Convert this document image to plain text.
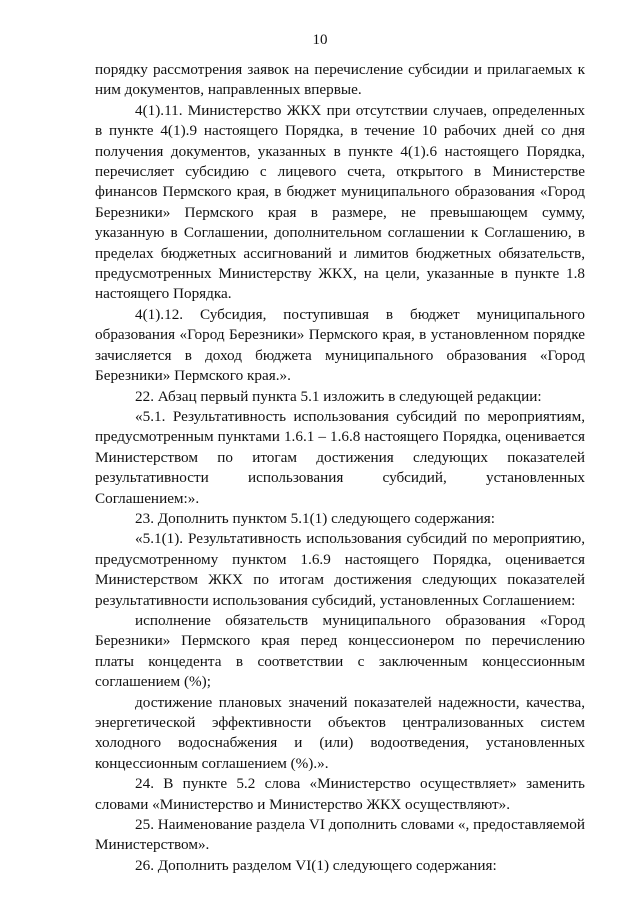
10

порядку рассмотрения заявок на перечисление субсидии и прилагаемых к ним документов, направленных впервые.

4(1).11. Министерство ЖКХ при отсутствии случаев, определенных в пункте 4(1).9 настоящего Порядка, в течение 10 рабочих дней со дня получения документов, указанных в пункте 4(1).6 настоящего Порядка, перечисляет субсидию с лицевого счета, открытого в Министерстве финансов Пермского края, в бюджет муниципального образования «Город Березники» Пермского края в размере, не превышающем сумму, указанную в Соглашении, дополнительном соглашении к Соглашению, в пределах бюджетных ассигнований и лимитов бюджетных обязательств, предусмотренных Министерству ЖКХ, на цели, указанные в пункте 1.8 настоящего Порядка.

4(1).12. Субсидия, поступившая в бюджет муниципального образования «Город Березники» Пермского края, в установленном порядке зачисляется в доход бюджета муниципального образования «Город Березники» Пермского края.».

22. Абзац первый пункта 5.1 изложить в следующей редакции:

«5.1. Результативность использования субсидий по мероприятиям, предусмотренным пунктами 1.6.1 – 1.6.8 настоящего Порядка, оценивается Министерством по итогам достижения следующих показателей результативности использования субсидий, установленных Соглашением:».

23. Дополнить пунктом 5.1(1) следующего содержания:

«5.1(1). Результативность использования субсидий по мероприятию, предусмотренному пунктом 1.6.9 настоящего Порядка, оценивается Министерством ЖКХ по итогам достижения следующих показателей результативности использования субсидий, установленных Соглашением:

исполнение обязательств муниципального образования «Город Березники» Пермского края перед концессионером по перечислению платы концедента в соответствии с заключенным концессионным соглашением (%);

достижение плановых значений показателей надежности, качества, энергетической эффективности объектов централизованных систем холодного водоснабжения и (или) водоотведения, установленных концессионным соглашением (%).».

24. В пункте 5.2 слова «Министерство осуществляет» заменить словами «Министерство и Министерство ЖКХ осуществляют».

25. Наименование раздела VI дополнить словами «, предоставляемой Министерством».

26. Дополнить разделом VI(1) следующего содержания:
